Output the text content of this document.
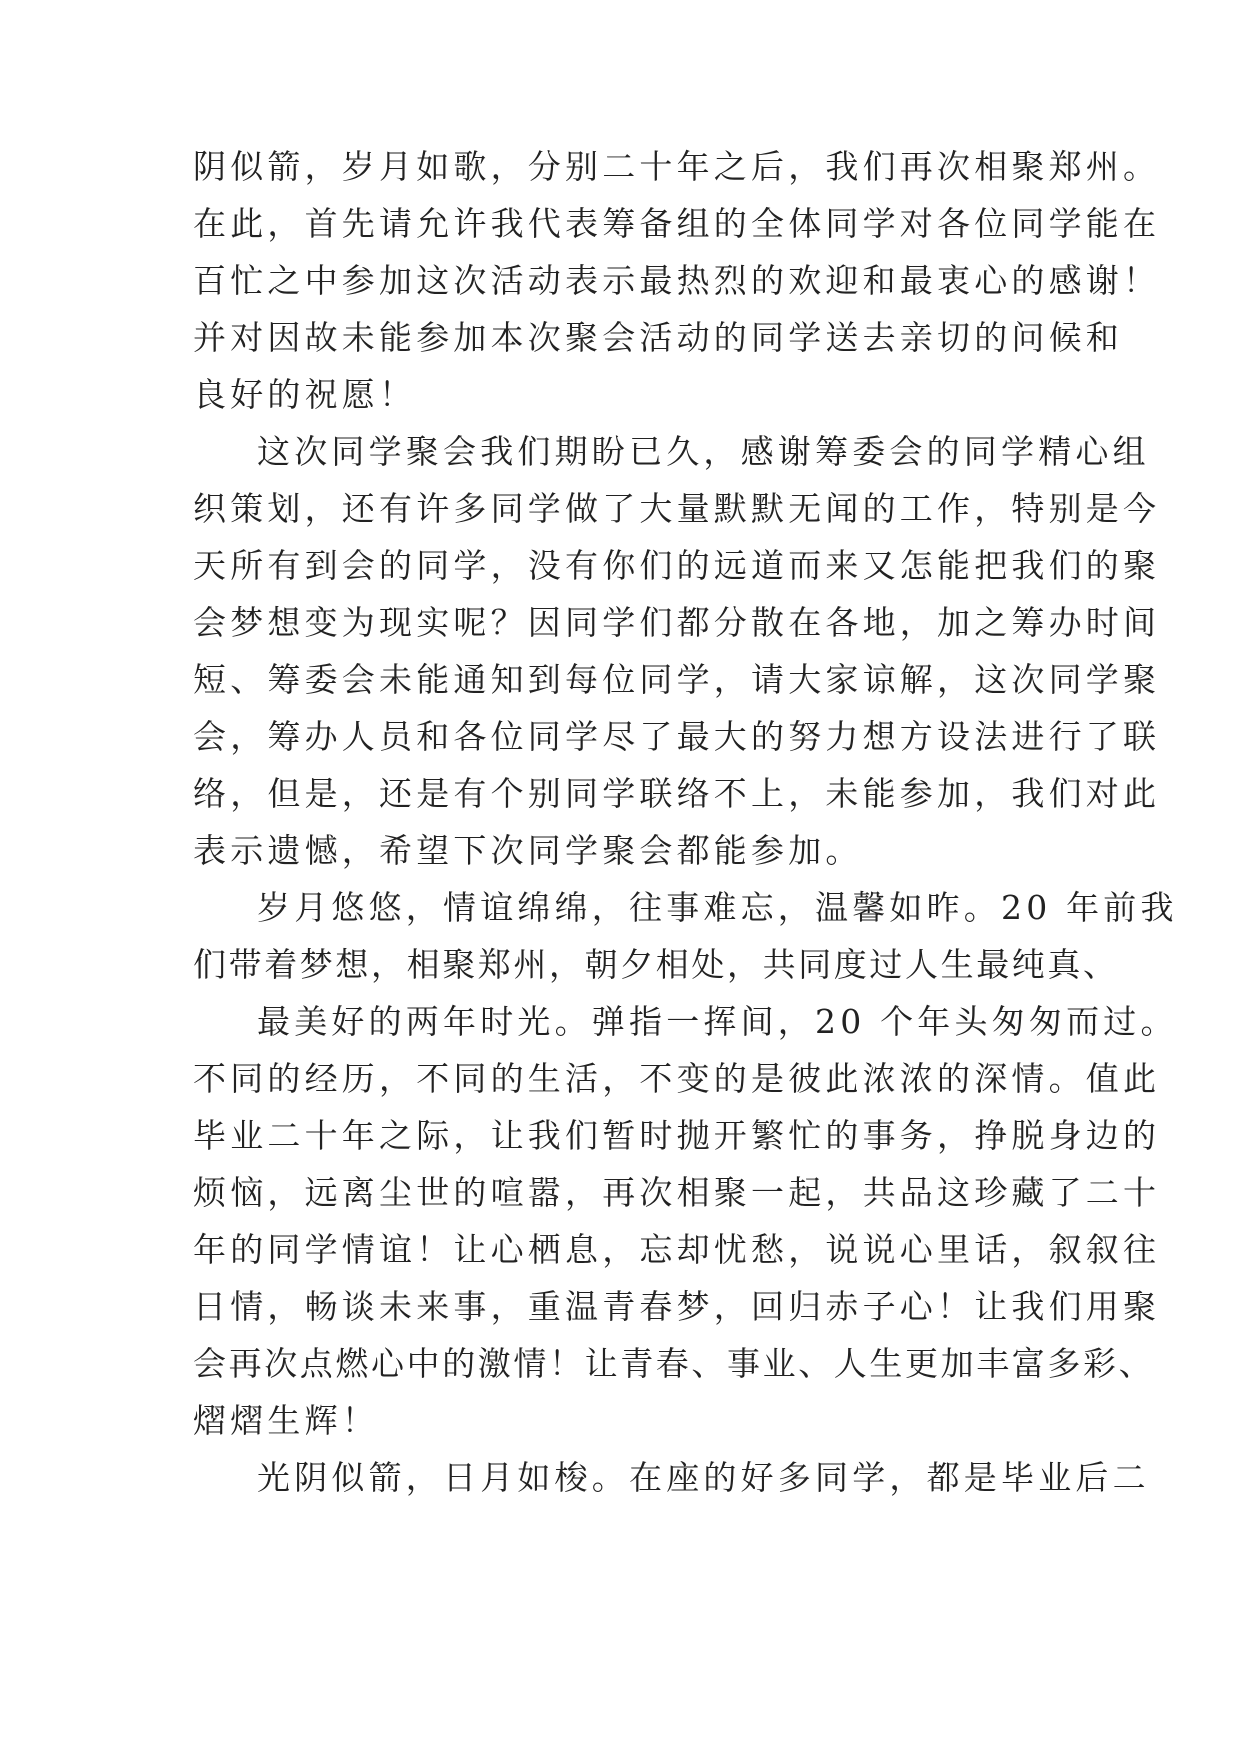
阴似箭，岁月如歌，分别二十年之后，我们再次相聚郑州。
在此，首先请允许我代表筹备组的全体同学对各位同学能在
百忙之中参加这次活动表示最热烈的欢迎和最衷心的感谢！
并对因故未能参加本次聚会活动的同学送去亲切的问候和
良好的祝愿！
这次同学聚会我们期盼已久，感谢筹委会的同学精心组
织策划，还有许多同学做了大量默默无闻的工作，特别是今
天所有到会的同学，没有你们的远道而来又怎能把我们的聚
会梦想变为现实呢？因同学们都分散在各地，加之筹办时间
短、筹委会未能通知到每位同学，请大家谅解，这次同学聚
会，筹办人员和各位同学尽了最大的努力想方设法进行了联
络，但是，还是有个别同学联络不上，未能参加，我们对此
表示遗憾，希望下次同学聚会都能参加。
岁月悠悠，情谊绵绵，往事难忘，温馨如昨。20 年前我
们带着梦想，相聚郑州，朝夕相处，共同度过人生最纯真、
最美好的两年时光。弹指一挥间，20 个年头匆匆而过。
不同的经历，不同的生活，不变的是彼此浓浓的深情。值此
毕业二十年之际，让我们暂时抛开繁忙的事务，挣脱身边的
烦恼，远离尘世的喧嚣，再次相聚一起，共品这珍藏了二十
年的同学情谊！让心栖息，忘却忧愁，说说心里话，叙叙往
日情，畅谈未来事，重温青春梦，回归赤子心！让我们用聚
会再次点燃心中的激情！让青春、事业、人生更加丰富多彩、
熠熠生辉！
光阴似箭，日月如梭。在座的好多同学，都是毕业后二
